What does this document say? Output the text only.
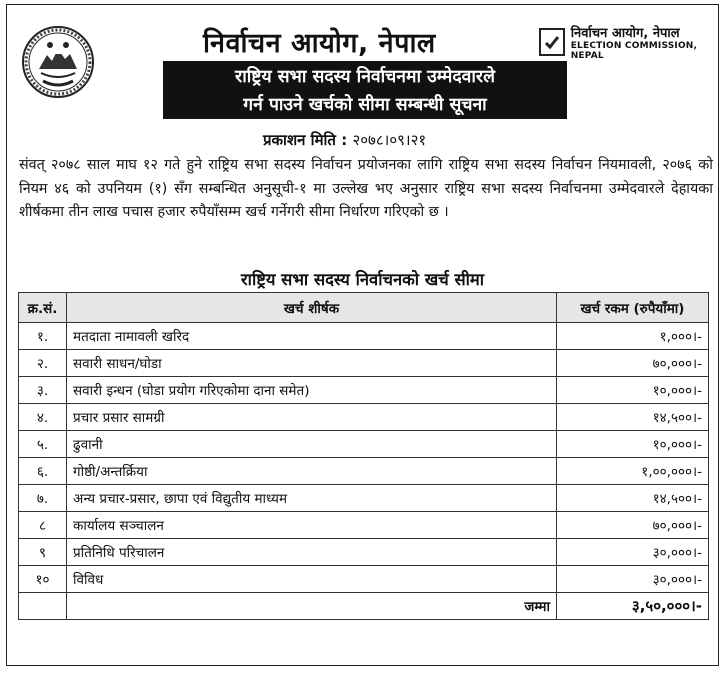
निर्वाचन आयोग, नेपाल	निर्वाचन आयोग, नेपाल
ELECTION COMMISSION, NEPAL
राष्ट्रिय सभा सदस्य निर्वाचनमा उम्मेदवारले
गर्न पाउने खर्चको सीमा सम्बन्धी सूचना
प्रकाशन मिति : २०७८।०९।२१
संवत् २०७८ साल माघ १२ गते हुने राष्ट्रिय सभा सदस्य निर्वाचन प्रयोजनका लागि राष्ट्रिय सभा सदस्य निर्वाचन नियमावली, २०७६ को नियम ४६ को उपनियम (१) सँग सम्बन्धित अनुसूची-१ मा उल्लेख भए अनुसार राष्ट्रिय सभा सदस्य निर्वाचनमा उम्मेदवारले देहायका शीर्षकमा तीन लाख पचास हजार रुपैयाँसम्म खर्च गर्नेगरी सीमा निर्धारण गरिएको छ ।
राष्ट्रिय सभा सदस्य निर्वाचनको खर्च सीमा
क्र.सं.	खर्च शीर्षक	खर्च रकम (रुपैयाँमा)
१.	मतदाता नामावली खरिद	१,०००।-
२.	सवारी साधन/घोडा	७०,०००।-
३.	सवारी इन्धन (घोडा प्रयोग गरिएकोमा दाना समेत)	१०,०००।-
४.	प्रचार प्रसार सामग्री	१४,५००।-
५.	ढुवानी	१०,०००।-
६.	गोष्ठी/अन्तर्क्रिया	१,००,०००।-
७.	अन्य प्रचार-प्रसार, छापा एवं विद्युतीय माध्यम	१४,५००।-
८	कार्यालय सञ्चालन	७०,०००।-
९	प्रतिनिधि परिचालन	३०,०००।-
१०	विविध	३०,०००।-
	जम्मा	३,५०,०००।-
